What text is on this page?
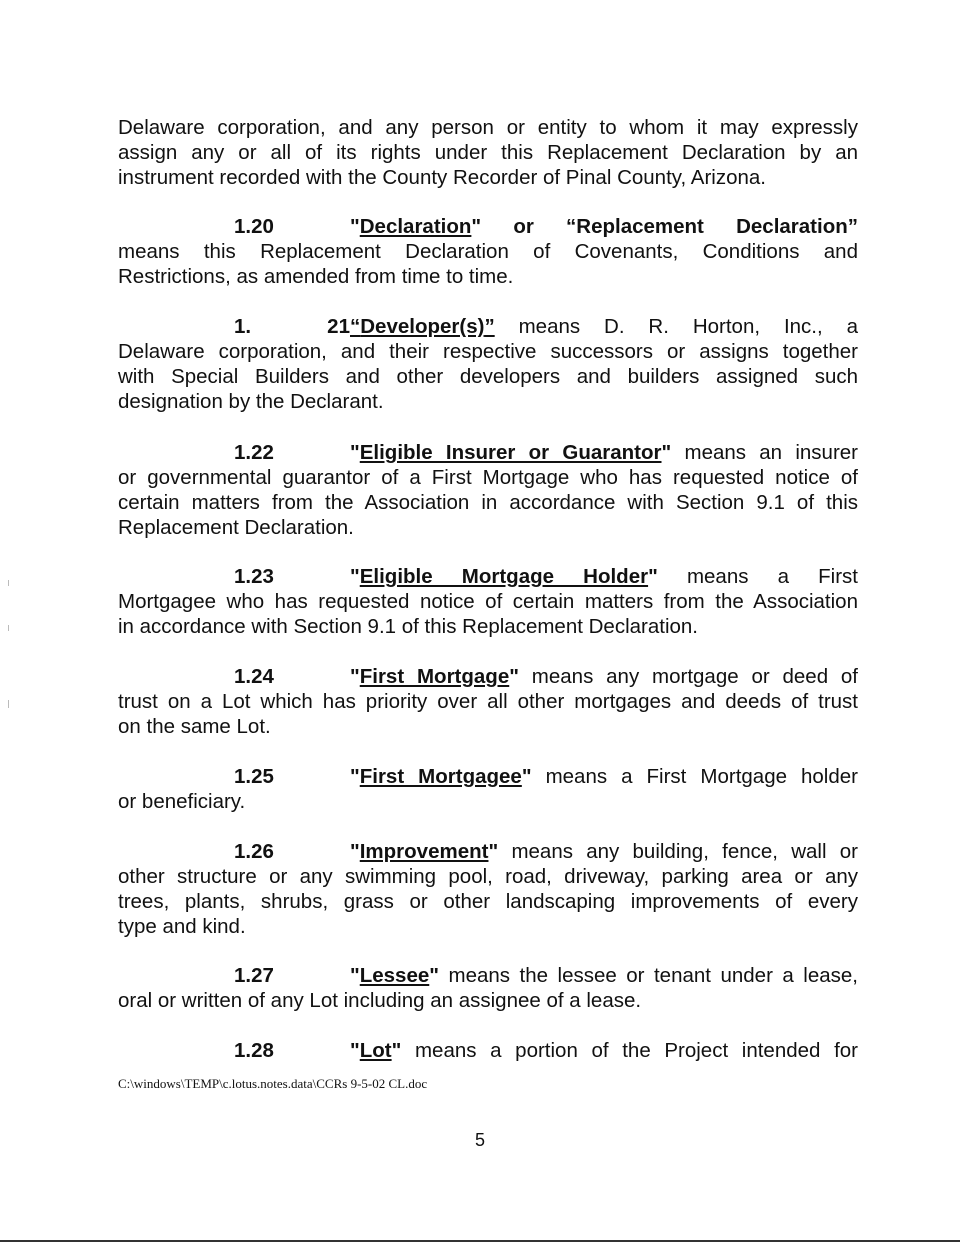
Delaware corporation, and any person or entity to whom it may expressly
assign any or all of its rights under this Replacement Declaration by an
instrument recorded with the County Recorder of Pinal County, Arizona.

1.20	"Declaration" or “Replacement Declaration”
means this Replacement Declaration of Covenants, Conditions and
Restrictions, as amended from time to time.

1. 21“Developer(s)” means D. R. Horton, Inc., a
Delaware corporation, and their respective successors or assigns together
with Special Builders and other developers and builders assigned such
designation by the Declarant.

1.22	"Eligible Insurer or Guarantor" means an insurer
or governmental guarantor of a First Mortgage who has requested notice of
certain matters from the Association in accordance with Section 9.1 of this
Replacement Declaration.

1.23	"Eligible Mortgage Holder" means a First
Mortgagee who has requested notice of certain matters from the Association
in accordance with Section 9.1 of this Replacement Declaration.

1.24	"First Mortgage" means any mortgage or deed of
trust on a Lot which has priority over all other mortgages and deeds of trust
on the same Lot.

1.25	"First Mortgagee" means a First Mortgage holder
or beneficiary.

1.26	"Improvement" means any building, fence, wall or
other structure or any swimming pool, road, driveway, parking area or any
trees, plants, shrubs, grass or other landscaping improvements of every
type and kind.

1.27	"Lessee" means the lessee or tenant under a lease,
oral or written of any Lot including an assignee of a lease.

1.28	"Lot" means a portion of the Project intended for

C:\windows\TEMP\c.lotus.notes.data\CCRs 9-5-02 CL.doc
5
